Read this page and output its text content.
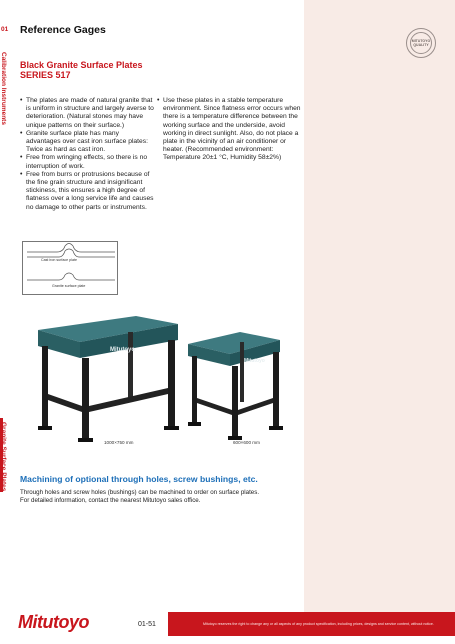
01
Calibration Instruments
Granite Surface Plates
Reference Gages
MITUTOYO QUALITY
Black Granite Surface Plates
SERIES 517
• The plates are made of natural granite that is uniform in structure and largely averse to deterioration. (Natural stones may have unique patterns on their surface.)
• Granite surface plate has many advantages over cast iron surface plates: Twice as hard as cast iron.
• Free from wringing effects, so there is no interruption of work.
• Free from burrs or protrusions because of the fine grain structure and insignificant stickiness, this ensures a high degree of flatness over a long service life and causes no damage to other parts or instruments.
• Use these plates in a stable temperature environment. Since flatness error occurs when there is a temperature difference between the working surface and the underside, avoid working in direct sunlight. Also, do not place a plate in the vicinity of an air conditioner or heater. (Recommended environment: Temperature 20±1 °C, Humidity 58±2%)
Cast iron surface plate
Granite surface plate
Mitutoyo
Mitutoyo
1000×750 mm	600×600 mm
Machining of optional through holes, screw bushings, etc.
Through holes and screw holes (bushings) can be machined to order on surface plates.
For detailed information, contact the nearest Mitutoyo sales office.
Mitutoyo	01-51	Mitutoyo reserves the right to change any or all aspects of any product specification, including prices, designs and service content, without notice.
